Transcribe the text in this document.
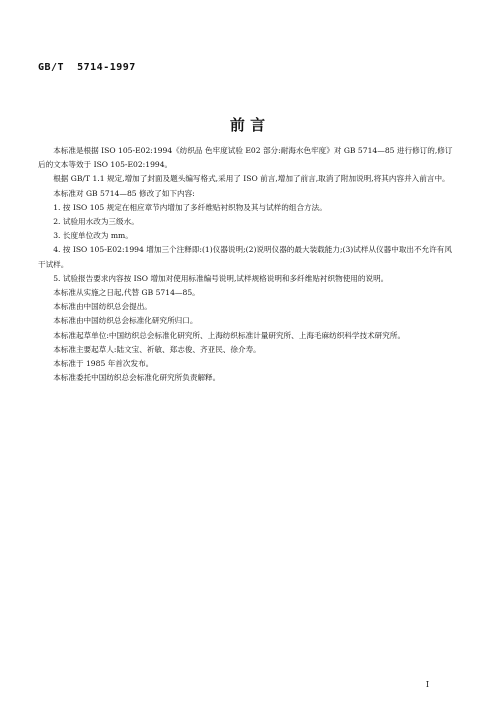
GB/T  5714-1997
前 言

本标准是根据 ISO 105-E02:1994《纺织品 色牢度试验 E02 部分:耐海水色牢度》对 GB 5714—85 进行修订的,修订后的文本等效于 ISO 105-E02:1994。

根据 GB/T 1.1 规定,增加了封面及题头编写格式,采用了 ISO 前言,增加了前言,取消了附加说明,将其内容并入前言中。

本标准对 GB 5714—85 修改了如下内容:

1. 按 ISO 105 规定在相应章节内增加了多纤维贴衬织物及其与试样的组合方法。

2. 试验用水改为三级水。

3. 长度单位改为 mm。

4. 按 ISO 105-E02:1994 增加三个注释即:(1)仪器说明;(2)说明仪器的最大装载能力;(3)试样从仪器中取出不允许有风干试样。

5. 试验报告要求内容按 ISO 增加对使用标准编号说明,试样规格说明和多纤维贴衬织物使用的说明。

本标准从实施之日起,代替 GB 5714—85。

本标准由中国纺织总会提出。

本标准由中国纺织总会标准化研究所归口。

本标准起草单位:中国纺织总会标准化研究所、上海纺织标准计量研究所、上海毛麻纺织科学技术研究所。

本标准主要起草人:陆文宝、祈敏、郑志俊、齐亚民、徐介寿。

本标准于 1985 年首次发布。

本标准委托中国纺织总会标准化研究所负责解释。

I
